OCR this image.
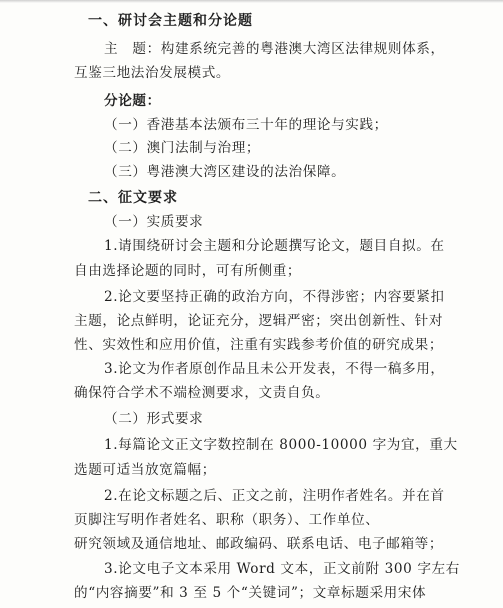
一、研讨会主题和分论题
主　题：构建系统完善的粤港澳大湾区法律规则体系，
互鉴三地法治发展模式。
分论题：
（一）香港基本法颁布三十年的理论与实践；
（二）澳门法制与治理；
（三）粤港澳大湾区建设的法治保障。
二、征文要求
（一）实质要求
1.请围绕研讨会主题和分论题撰写论文，题目自拟。在
自由选择论题的同时，可有所侧重；
2.论文要坚持正确的政治方向，不得涉密；内容要紧扣
主题，论点鲜明，论证充分，逻辑严密；突出创新性、针对
性、实效性和应用价值，注重有实践参考价值的研究成果；
3.论文为作者原创作品且未公开发表，不得一稿多用，
确保符合学术不端检测要求，文责自负。
（二）形式要求
1.每篇论文正文字数控制在 8000-10000 字为宜，重大
选题可适当放宽篇幅；
2.在论文标题之后、正文之前，注明作者姓名。并在首
页脚注写明作者姓名、职称（职务）、工作单位、
研究领域及通信地址、邮政编码、联系电话、电子邮箱等；
3.论文电子文本采用 Word 文本，正文前附 300 字左右
的“内容摘要”和 3 至 5 个“关键词”；文章标题采用宋体
